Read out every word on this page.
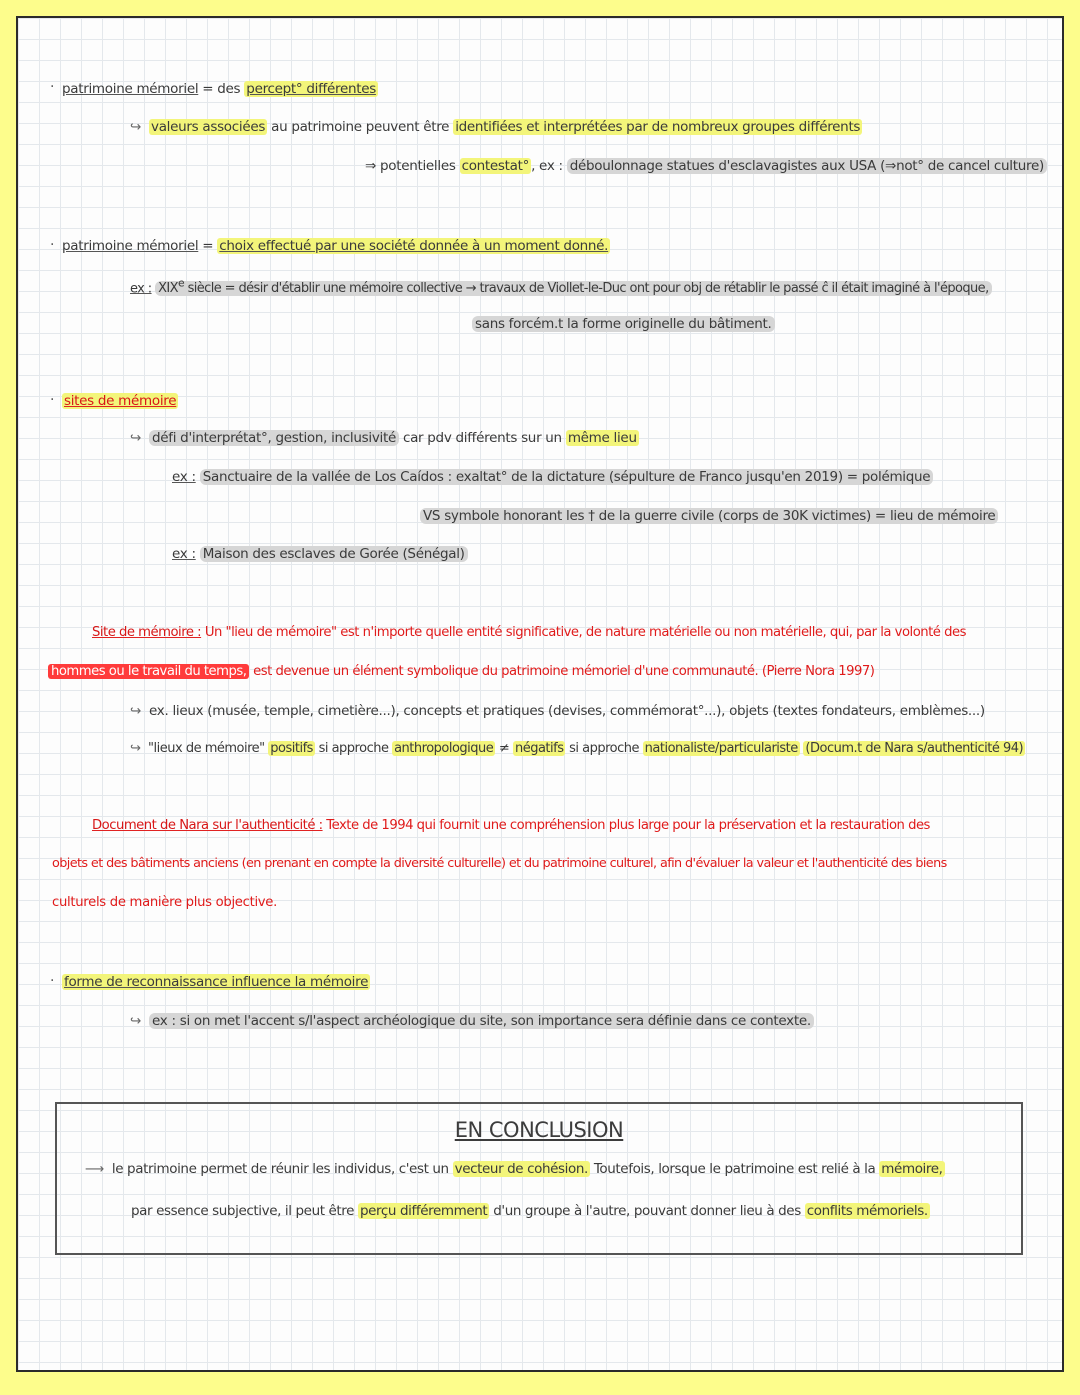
· patrimoine mémoriel = des percept° différentes
↪ valeurs associées au patrimoine peuvent être identifiées et interprétées par de nombreux groupes différents
⇒ potentielles contestat° , ex : déboulonnage statues d'esclavagistes aux USA (⇒not° de cancel culture)
· patrimoine mémoriel = choix effectué par une société donnée à un moment donné.
ex : XIXe siècle = désir d'établir une mémoire collective → travaux de Viollet-le-Duc ont pour obj de rétablir le passé ĉ il était imaginé à l'époque,
sans forcém.t la forme originelle du bâtiment.
· sites de mémoire
↪ défi d'interprétat°, gestion, inclusivité car pdv différents sur un même lieu
ex : Sanctuaire de la vallée de Los Caídos : exaltat° de la dictature (sépulture de Franco jusqu'en 2019) = polémique
VS symbole honorant les † de la guerre civile (corps de 30K victimes) = lieu de mémoire
ex : Maison des esclaves de Gorée (Sénégal)
Site de mémoire : Un "lieu de mémoire" est n'importe quelle entité significative, de nature matérielle ou non matérielle, qui, par la volonté des
hommes ou le travail du temps, est devenue un élément symbolique du patrimoine mémoriel d'une communauté. (Pierre Nora 1997)
↪ ex. lieux (musée, temple, cimetière...), concepts et pratiques (devises, commémorat°...), objets (textes fondateurs, emblèmes...)
↪ "lieux de mémoire" positifs si approche anthropologique ≠ négatifs si approche nationaliste/particulariste (Docum.t de Nara s/authenticité 94)
Document de Nara sur l'authenticité : Texte de 1994 qui fournit une compréhension plus large pour la préservation et la restauration des
objets et des bâtiments anciens (en prenant en compte la diversité culturelle) et du patrimoine culturel, afin d'évaluer la valeur et l'authenticité des biens
culturels de manière plus objective.
· forme de reconnaissance influence la mémoire
↪ ex : si on met l'accent s/l'aspect archéologique du site, son importance sera définie dans ce contexte.
EN CONCLUSION
⟶ le patrimoine permet de réunir les individus, c'est un vecteur de cohésion. Toutefois, lorsque le patrimoine est relié à la mémoire,
par essence subjective, il peut être perçu différemment d'un groupe à l'autre, pouvant donner lieu à des conflits mémoriels.
